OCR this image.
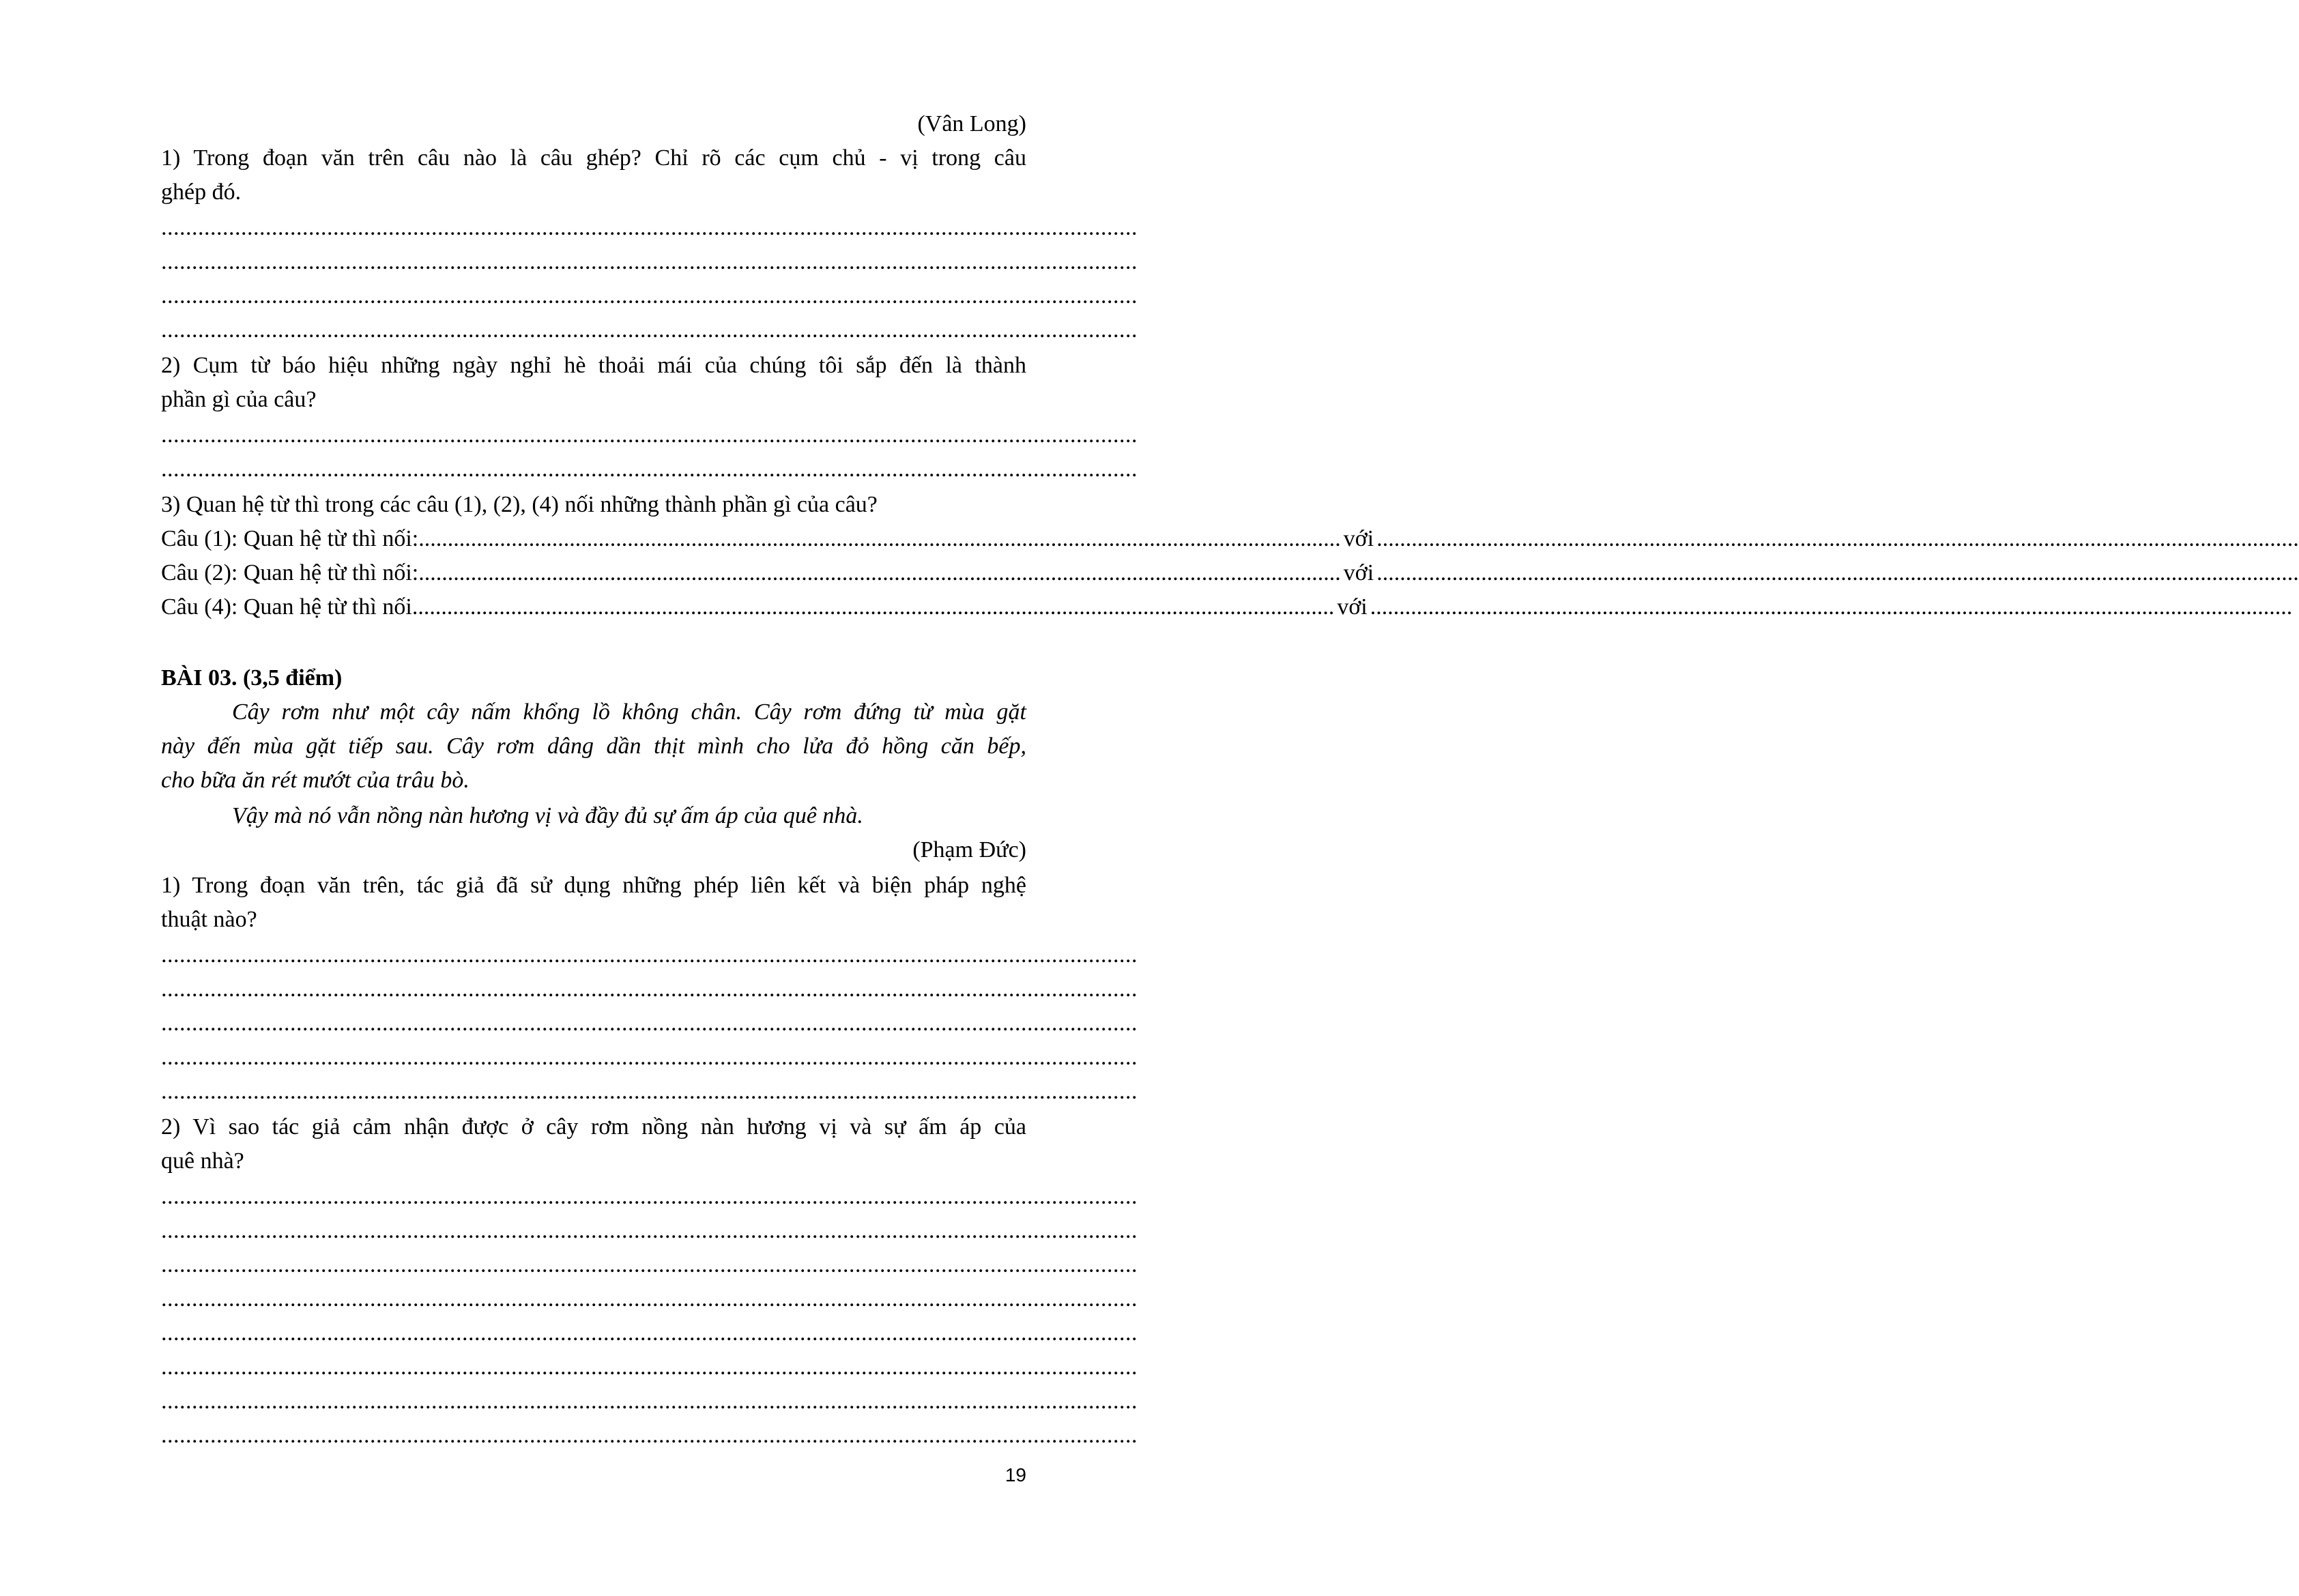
(Vân Long)
1) Trong đoạn văn trên câu nào là câu ghép? Chỉ rõ các cụm chủ - vị trong câu
ghép đó.
...............................................................................................................................................................
...............................................................................................................................................................
...............................................................................................................................................................
...............................................................................................................................................................
2) Cụm từ báo hiệu những ngày nghỉ hè thoải mái của chúng tôi sắp đến là thành
phần gì của câu?
...............................................................................................................................................................
...............................................................................................................................................................
3) Quan hệ từ thì trong các câu (1), (2), (4) nối những thành phần gì của câu?
Câu (1): Quan hệ từ thì nối: ............................................................................................................................................................... với ...............................................................................................................................................................
Câu (2): Quan hệ từ thì nối: ............................................................................................................................................................... với ...............................................................................................................................................................
Câu (4): Quan hệ từ thì nối ............................................................................................................................................................... với ...............................................................................................................................................................
BÀI 03. (3,5 điểm)
Cây rơm như một cây nấm khổng lồ không chân. Cây rơm đứng từ mùa gặt
này đến mùa gặt tiếp sau. Cây rơm dâng dần thịt mình cho lửa đỏ hồng căn bếp,
cho bữa ăn rét mướt của trâu bò.
Vậy mà nó vẫn nồng nàn hương vị và đầy đủ sự ấm áp của quê nhà.
(Phạm Đức)
1) Trong đoạn văn trên, tác giả đã sử dụng những phép liên kết và biện pháp nghệ
thuật nào?
...............................................................................................................................................................
...............................................................................................................................................................
...............................................................................................................................................................
...............................................................................................................................................................
...............................................................................................................................................................
2) Vì sao tác giả cảm nhận được ở cây rơm nồng nàn hương vị và sự ấm áp của
quê nhà?
...............................................................................................................................................................
...............................................................................................................................................................
...............................................................................................................................................................
...............................................................................................................................................................
...............................................................................................................................................................
...............................................................................................................................................................
...............................................................................................................................................................
...............................................................................................................................................................
19
